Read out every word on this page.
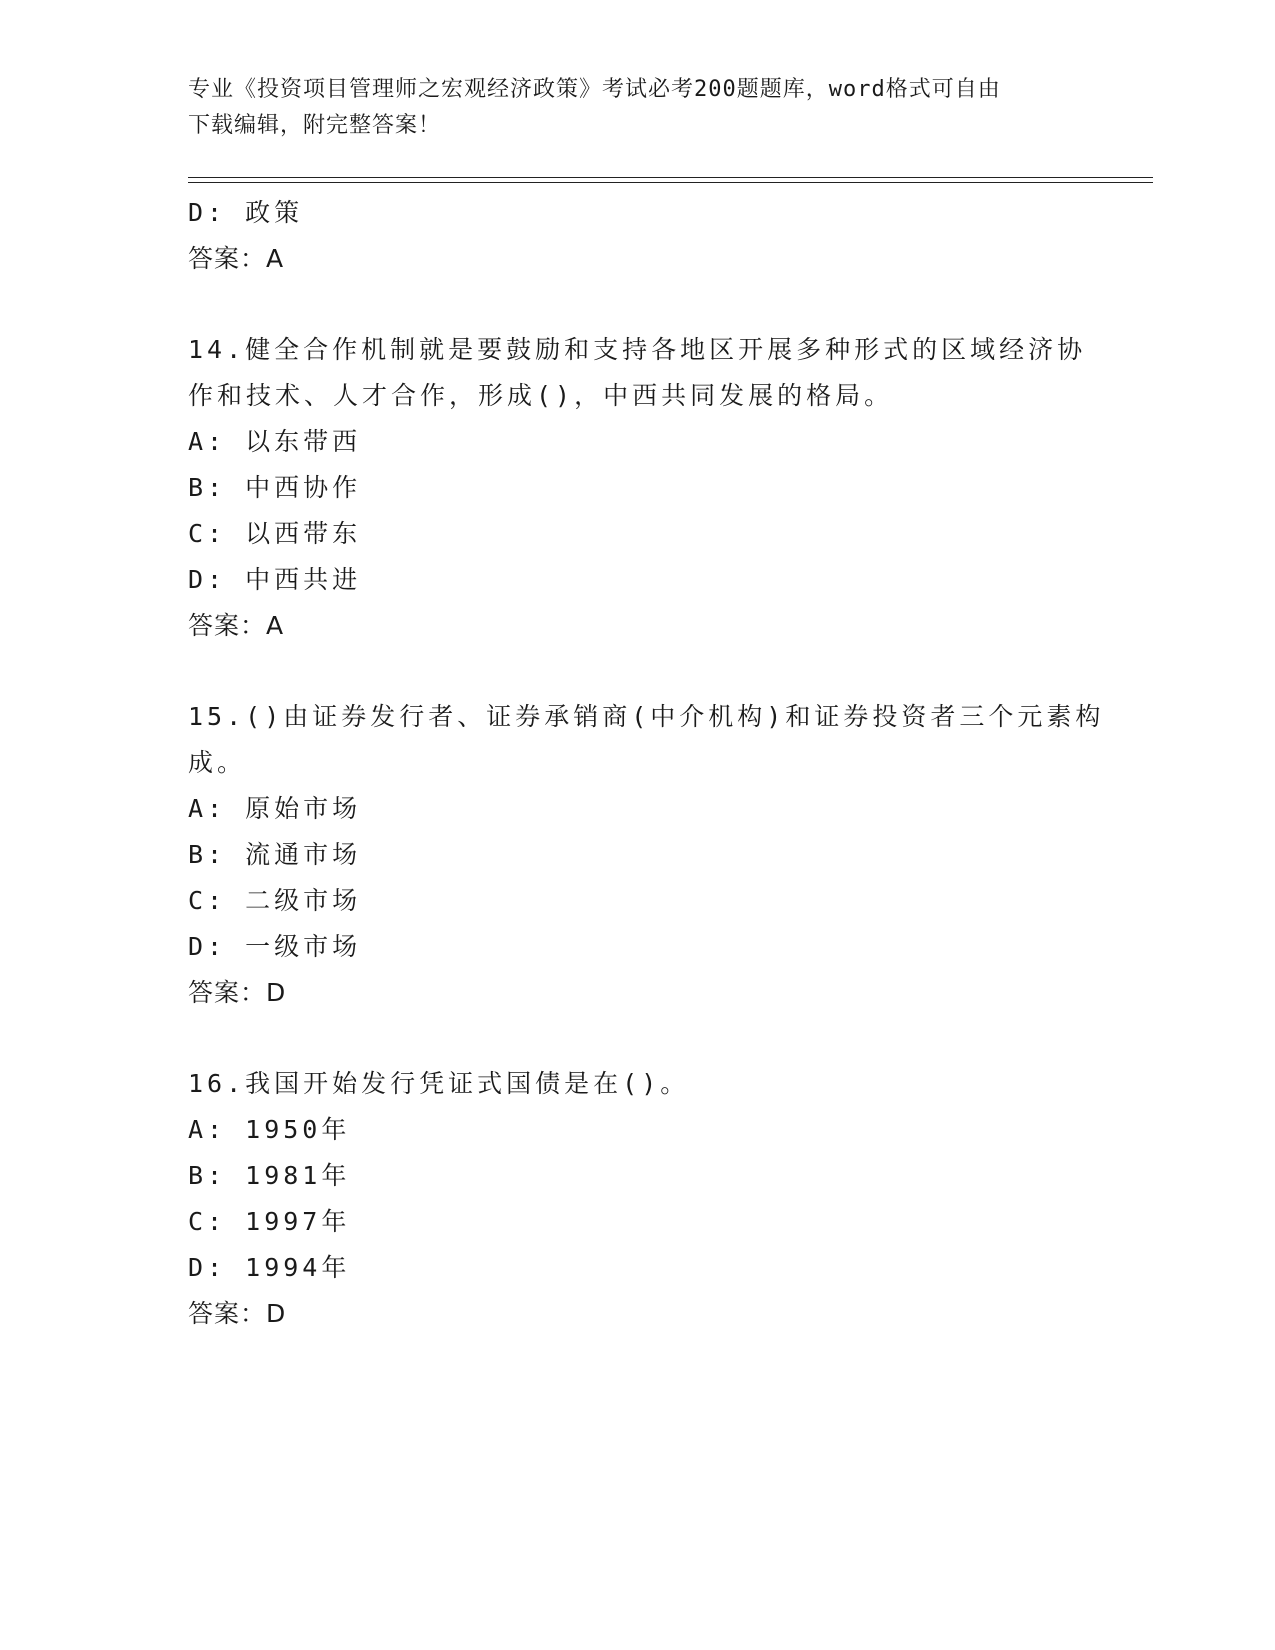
专业《投资项目管理师之宏观经济政策》考试必考200题题库，word格式可自由
下载编辑，附完整答案！
D: 政策
答案：A
14.健全合作机制就是要鼓励和支持各地区开展多种形式的区域经济协
作和技术、人才合作，形成()，中西共同发展的格局。
A: 以东带西
B: 中西协作
C: 以西带东
D: 中西共进
答案：A
15.()由证券发行者、证券承销商(中介机构)和证券投资者三个元素构
成。
A: 原始市场
B: 流通市场
C: 二级市场
D: 一级市场
答案：D
16.我国开始发行凭证式国债是在()。
A: 1950年
B: 1981年
C: 1997年
D: 1994年
答案：D
